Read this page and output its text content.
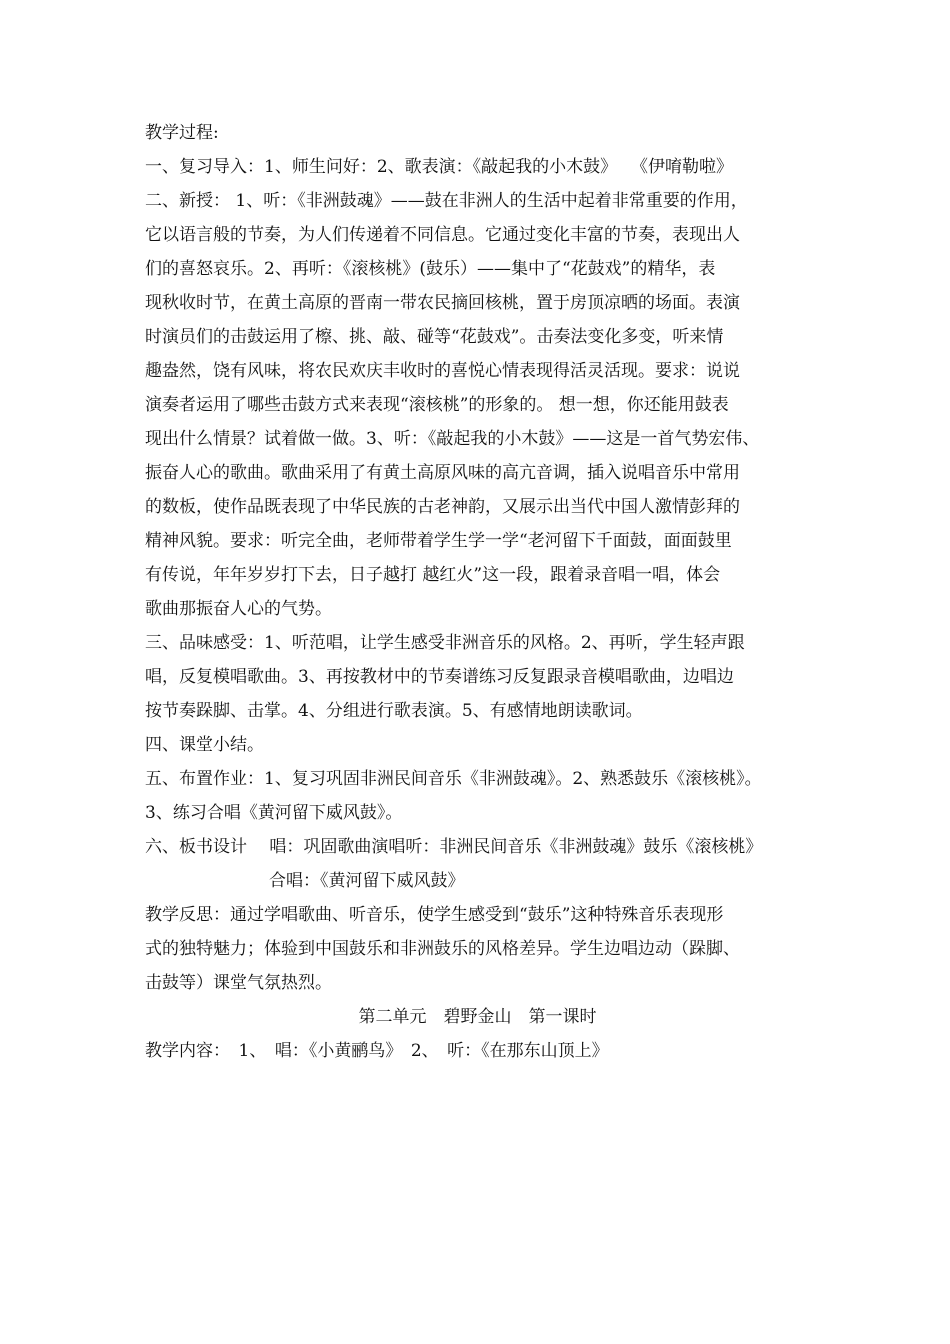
教学过程:

一、复习导入：1、师生问好：2、歌表演：《敲起我的小木鼓》　 《伊唷勒啦》

二、新授： 1、听：《非洲鼓魂》——鼓在非洲人的生活中起着非常重要的作用，
它以语言般的节奏，为人们传递着不同信息。它通过变化丰富的节奏，表现出人
们的喜怒哀乐。2、再听：《滚核桃》(鼓乐）——集中了“花鼓戏”的精华，表
现秋收时节，在黄土高原的晋南一带农民摘回核桃，置于房顶凉晒的场面。表演
时演员们的击鼓运用了檫、挑、敲、碰等“花鼓戏”。击奏法变化多变，听来情
趣盎然，饶有风味，将农民欢庆丰收时的喜悦心情表现得活灵活现。要求：说说
演奏者运用了哪些击鼓方式来表现“滚核桃”的形象的。 想一想，你还能用鼓表
现出什么情景？试着做一做。3、听：《敲起我的小木鼓》——这是一首气势宏伟、
振奋人心的歌曲。歌曲采用了有黄土高原风味的高亢音调，插入说唱音乐中常用
的数板，使作品既表现了中华民族的古老神韵，又展示出当代中国人激情彭拜的
精神风貌。要求：听完全曲，老师带着学生学一学“老河留下千面鼓，面面鼓里
有传说，年年岁岁打下去，日子越打 越红火”这一段，跟着录音唱一唱，体会
歌曲那振奋人心的气势。

三、品味感受：1、听范唱，让学生感受非洲音乐的风格。2、再听，学生轻声跟
唱，反复模唱歌曲。3、再按教材中的节奏谱练习反复跟录音模唱歌曲，边唱边
按节奏跺脚、击掌。4、分组进行歌表演。5、有感情地朗读歌词。

四、课堂小结。

五、布置作业：1、复习巩固非洲民间音乐《非洲鼓魂》。2、熟悉鼓乐《滚核桃》。
3、练习合唱《黄河留下威风鼓》。

六、板书设计　 唱：巩固歌曲演唱听：非洲民间音乐《非洲鼓魂》鼓乐《滚核桃》
合唱：《黄河留下威风鼓》

教学反思：通过学唱歌曲、听音乐，使学生感受到“鼓乐”这种特殊音乐表现形
式的独特魅力；体验到中国鼓乐和非洲鼓乐的风格差异。学生边唱边动（跺脚、
击鼓等）课堂气氛热烈。

第二单元　碧野金山　第一课时

教学内容：　1、　唱：《小黄鹂鸟》　2、　听：《在那东山顶上》
